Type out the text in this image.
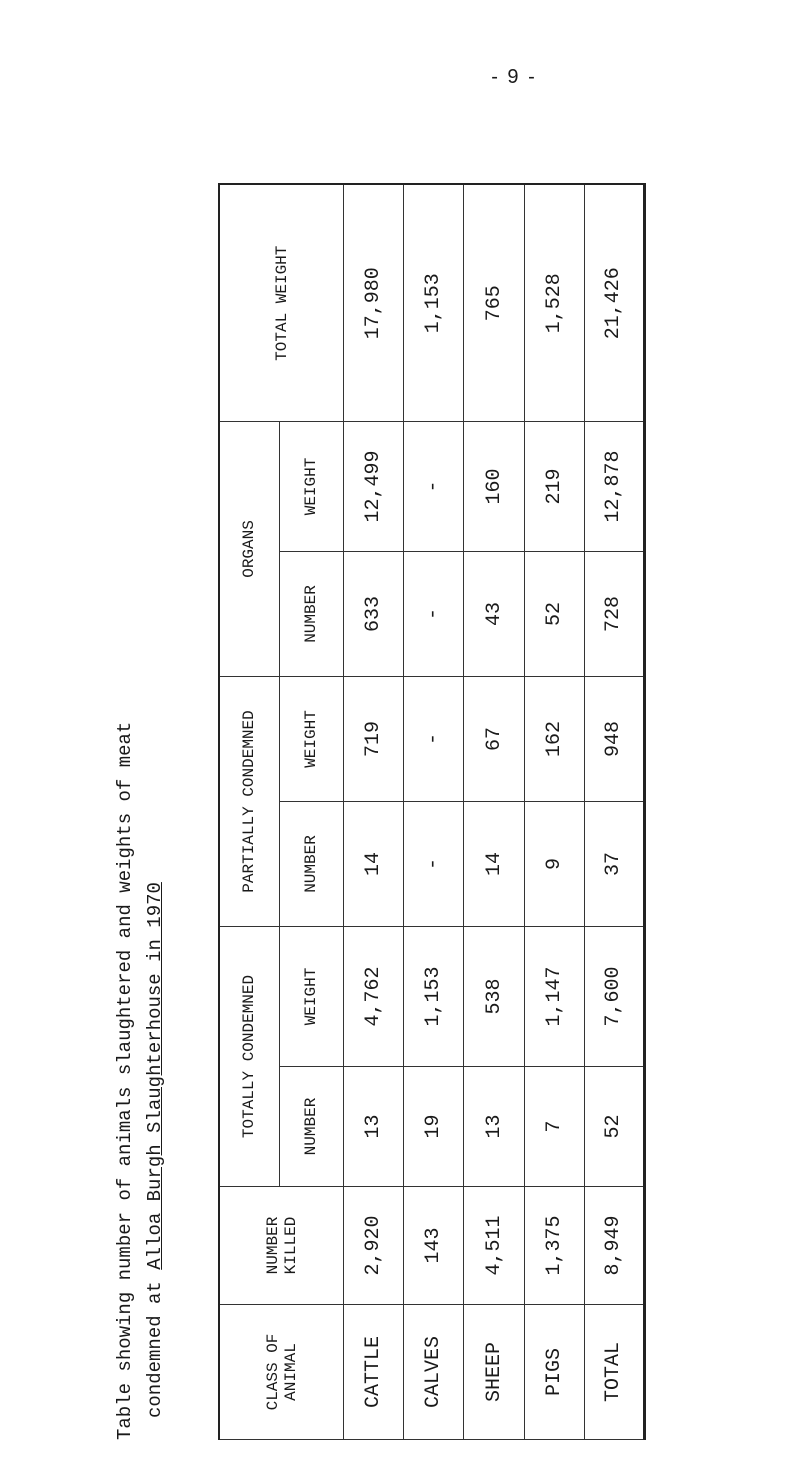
- 9 -
Table showing number of animals slaughtered and weights of meat condemned at Alloa Burgh Slaughterhouse in 1970
CLASS OF ANIMAL	NUMBER KILLED	TOTALLY CONDEMNED		PARTIALLY CONDEMNED		ORGANS		TOTAL WEIGHT
		NUMBER	WEIGHT	NUMBER	WEIGHT	NUMBER	WEIGHT	
CATTLE	2,920	13	4,762	14	719	633	12,499	17,980
CALVES	143	19	1,153	-	-	-	-	1,153
SHEEP	4,511	13	538	14	67	43	160	765
PIGS	1,375	7	1,147	9	162	52	219	1,528
TOTAL	8,949	52	7,600	37	948	728	12,878	21,426
